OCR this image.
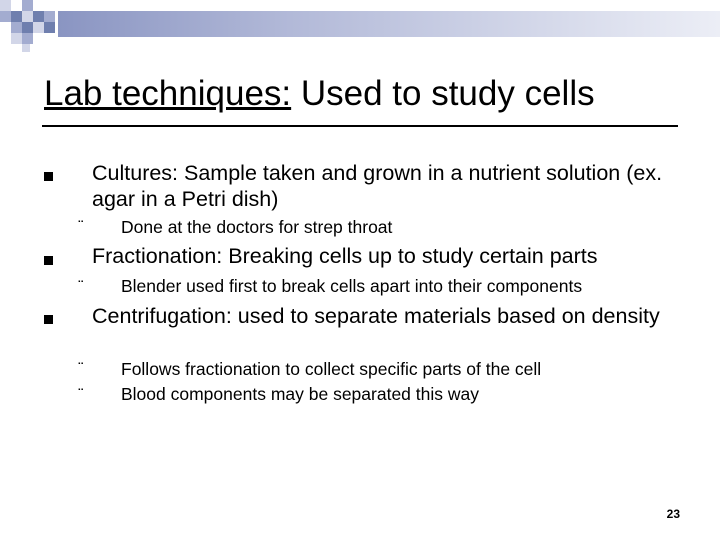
Lab techniques: Used to study cells
Cultures: Sample taken and grown in a nutrient solution (ex. agar in a Petri dish)
¨ Done at the doctors for strep throat
Fractionation: Breaking cells up to study certain parts
¨ Blender used first to break cells apart into their components
Centrifugation: used to separate materials based on density
¨ Follows fractionation to collect specific parts of the cell
¨ Blood components may be separated this way
23
